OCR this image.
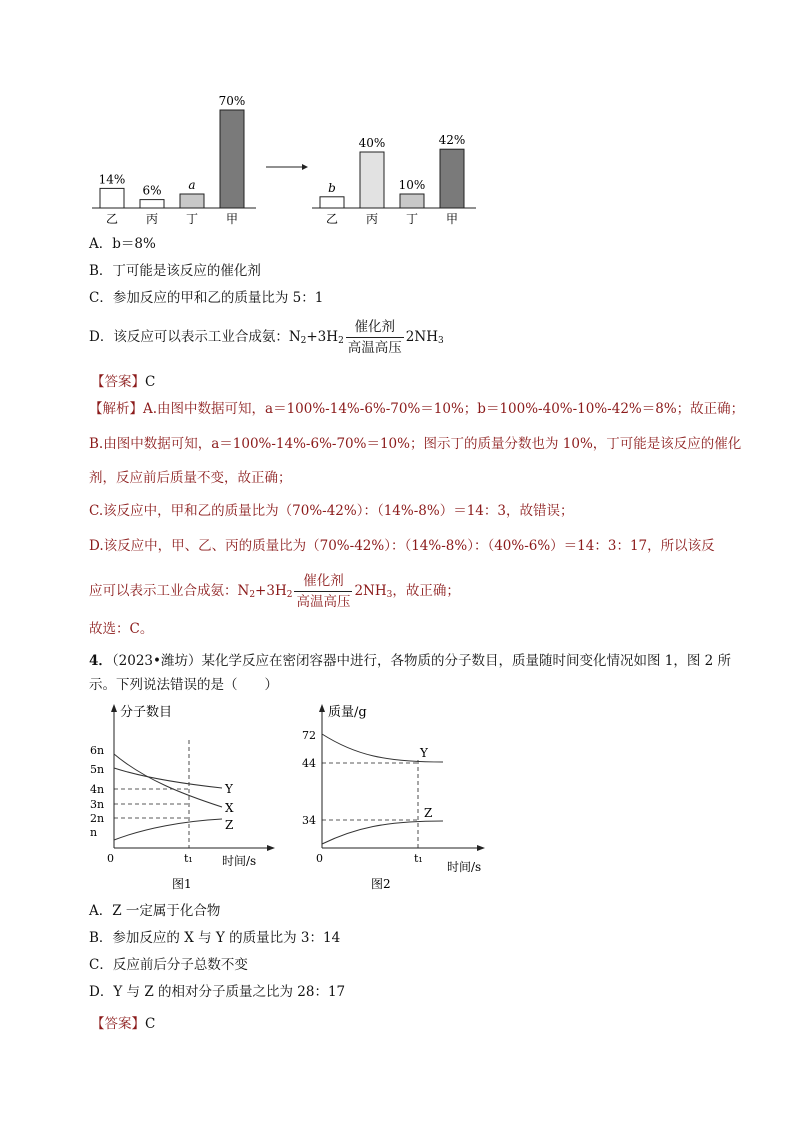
14%
乙
6%
丙
a
丁
70%
甲
b
乙
40%
丙
10%
丁
42%
甲
A．b＝8%
B．丁可能是该反应的催化剂
C．参加反应的甲和乙的质量比为 5：1
D．该反应可以表示工业合成氨：$N_2+3H_2 \frac{\text{催化剂}}{\text{高温高压}} 2NH_3$
【答案】C
【解析】A.由图中数据可知，a＝100%-14%-6%-70%＝10%；b＝100%-40%-10%-42%＝8%；故正确；
B.由图中数据可知，a＝100%-14%-6%-70%＝10%；图示丁的质量分数也为 10%，丁可能是该反应的催化
剂，反应前后质量不变，故正确；
C.该反应中，甲和乙的质量比为（70%-42%）：（14%-8%）＝14：3，故错误；
D.该反应中，甲、乙、丙的质量比为（70%-42%）：（14%-8%）：（40%-6%）＝14：3：17，所以该反
应可以表示工业合成氨：$N_2+3H_2 \frac{\text{催化剂}}{\text{高温高压}} 2NH_3$，故正确；
故选：C。
4．（2023•潍坊）某化学反应在密闭容器中进行，各物质的分子数目，质量随时间变化情况如图 1，图 2 所
示。下列说法错误的是（　　）
分子数目
时间/s
0	t₁
6n
5n
4n
3n
2n
n
Y
X
Z
图1
质量/g
时间/s
0	t₁
72
44
34
Y
Z
图2
A．Z 一定属于化合物
B．参加反应的 X 与 Y 的质量比为 3：14
C．反应前后分子总数不变
D．Y 与 Z 的相对分子质量之比为 28：17
【答案】C
